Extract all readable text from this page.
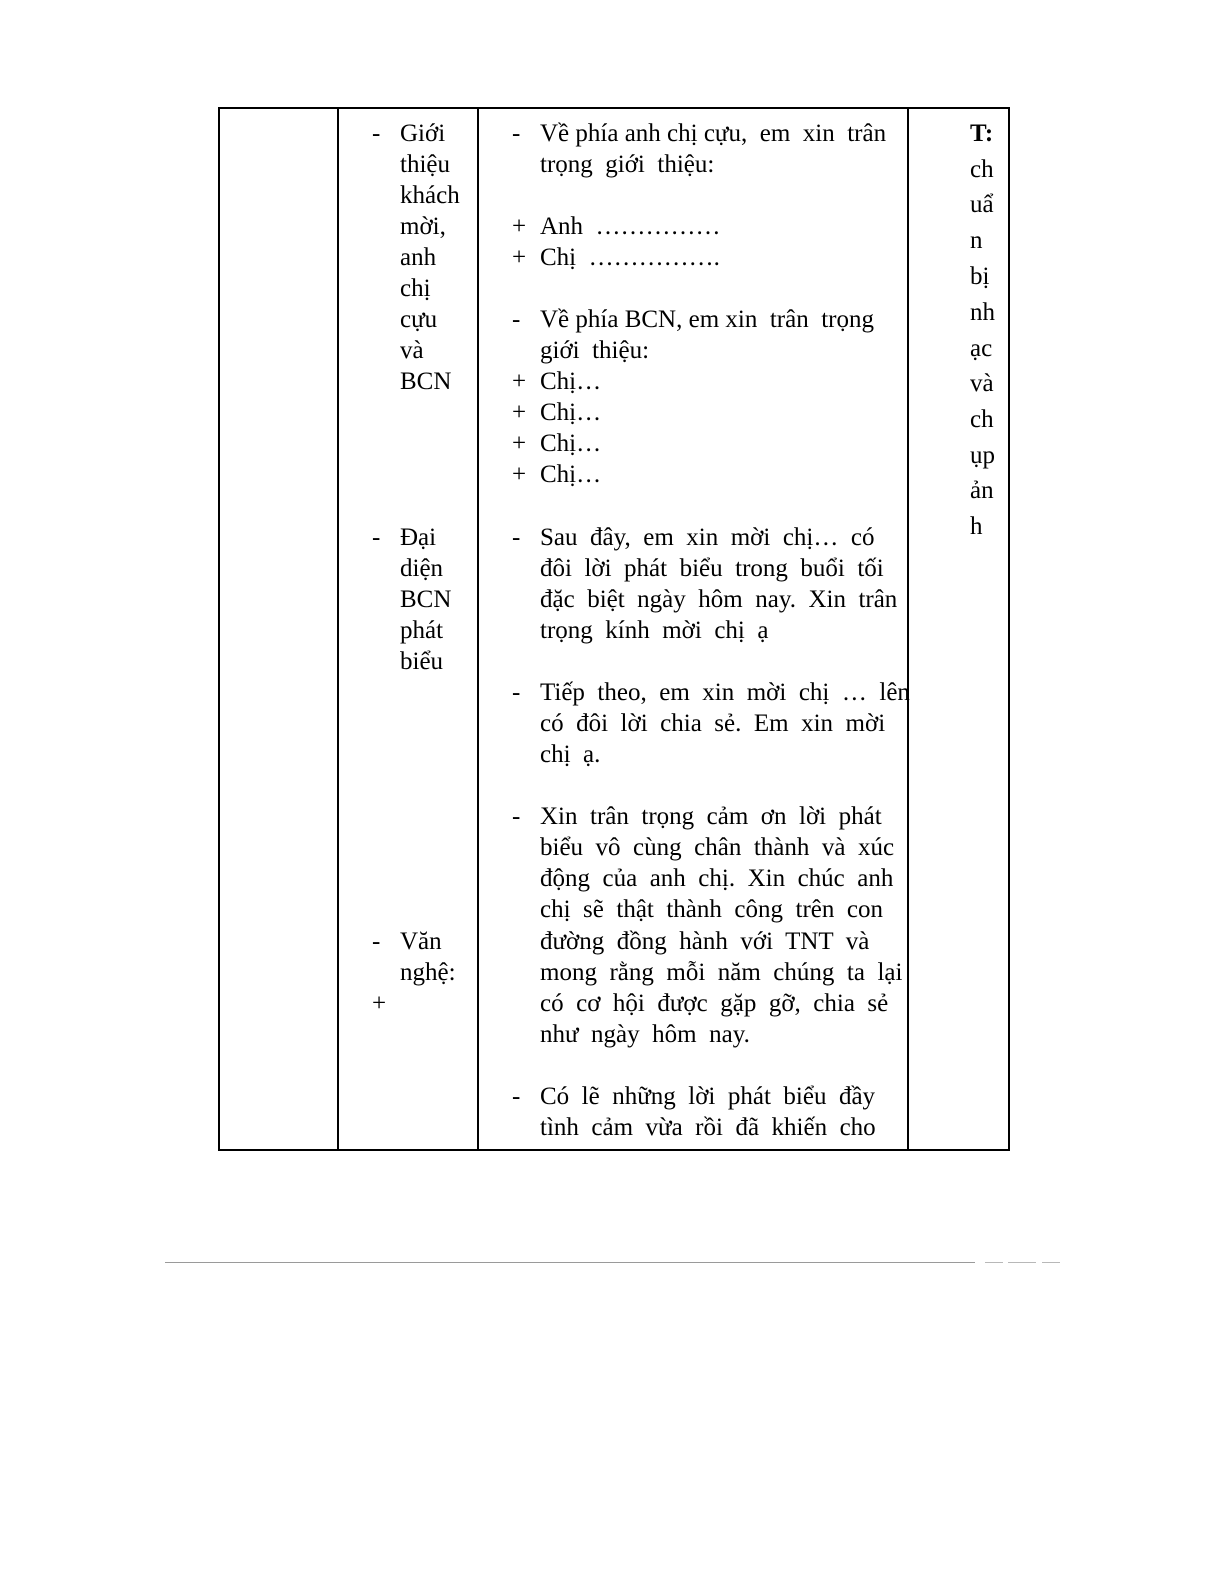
- Giới
thiệu
khách
mời,
anh
chị
cựu
và
BCN
- Đại
diện
BCN
phát
biểu
- Văn
nghệ:
+
- Về phía anh chị cựu,  em  xin  trân
trọng  giới  thiệu:
+ Anh  ……………
+ Chị  …………….
- Về phía BCN, em xin  trân  trọng
giới  thiệu:
+ Chị…
+ Chị…
+ Chị…
+ Chị…
- Sau  đây,  em  xin  mời  chị…  có
đôi  lời  phát  biểu  trong  buổi  tối
đặc  biệt  ngày  hôm  nay.  Xin  trân
trọng  kính  mời  chị  ạ
- Tiếp  theo,  em  xin  mời  chị  …  lên
có  đôi  lời  chia  sẻ.  Em  xin  mời
chị  ạ.
- Xin  trân  trọng  cảm  ơn  lời  phát
biểu  vô  cùng  chân  thành  và  xúc
động  của  anh  chị.  Xin  chúc  anh
chị  sẽ  thật  thành  công  trên  con
đường  đồng  hành  với  TNT  và
mong  rằng  mỗi  năm  chúng  ta  lại
có  cơ  hội  được  gặp  gỡ,  chia  sẻ
như  ngày  hôm  nay.
- Có  lẽ  những  lời  phát  biểu  đầy
tình  cảm  vừa  rồi  đã  khiến  cho
T:
ch
uẩ
n
bị
nh
ạc
và
ch
ụp
ản
h
